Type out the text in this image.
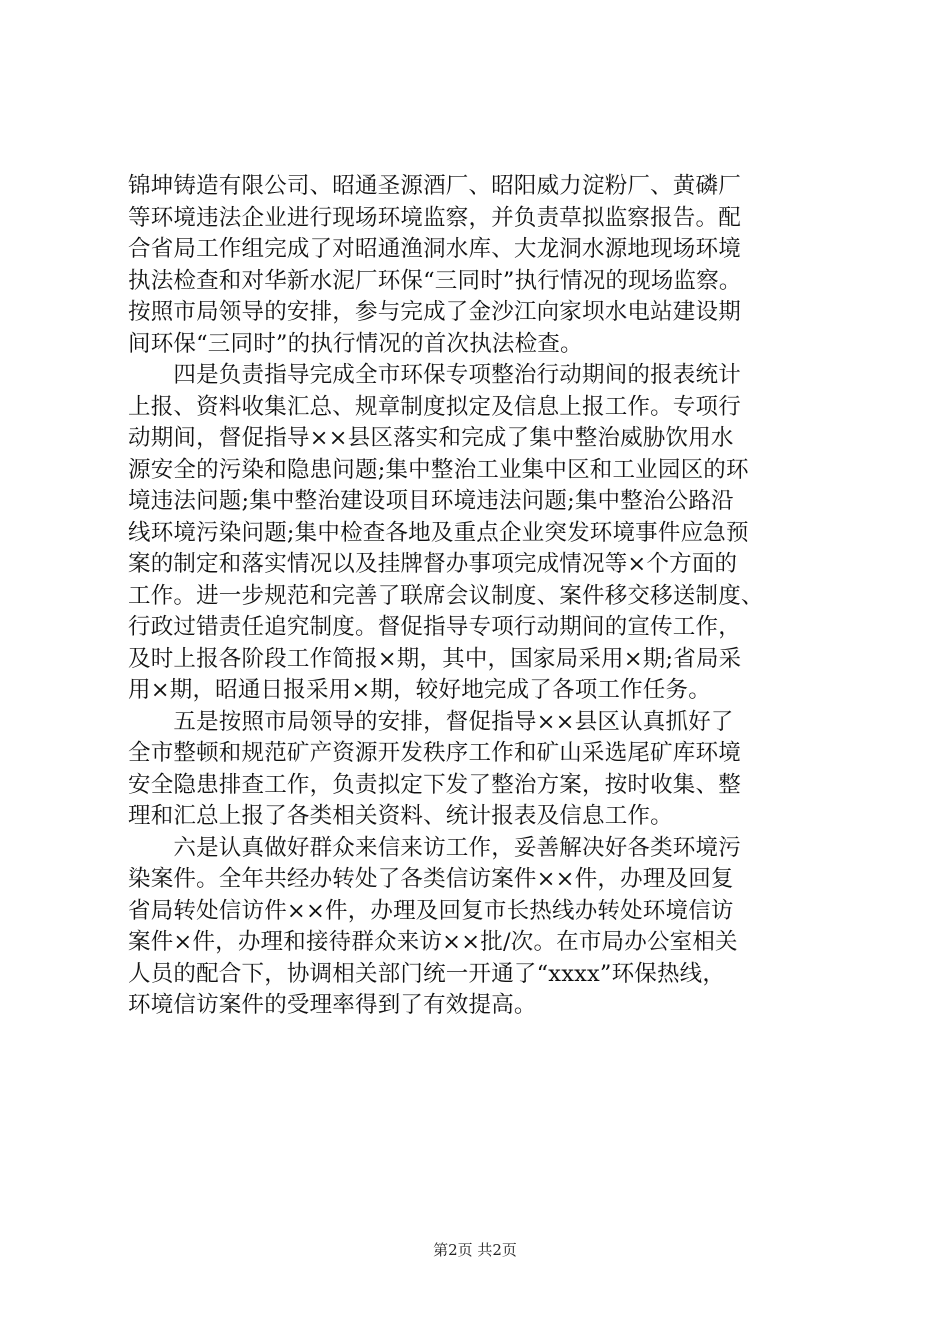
锦坤铸造有限公司、昭通圣源酒厂、昭阳威力淀粉厂、黄磷厂
等环境违法企业进行现场环境监察，并负责草拟监察报告。配
合省局工作组完成了对昭通渔洞水库、大龙洞水源地现场环境
执法检查和对华新水泥厂环保“三同时”执行情况的现场监察。
按照市局领导的安排，参与完成了金沙江向家坝水电站建设期
间环保“三同时”的执行情况的首次执法检查。
　　四是负责指导完成全市环保专项整治行动期间的报表统计
上报、资料收集汇总、规章制度拟定及信息上报工作。专项行
动期间，督促指导××县区落实和完成了集中整治威胁饮用水
源安全的污染和隐患问题;集中整治工业集中区和工业园区的环
境违法问题;集中整治建设项目环境违法问题;集中整治公路沿
线环境污染问题;集中检查各地及重点企业突发环境事件应急预
案的制定和落实情况以及挂牌督办事项完成情况等×个方面的
工作。进一步规范和完善了联席会议制度、案件移交移送制度、
行政过错责任追究制度。督促指导专项行动期间的宣传工作，
及时上报各阶段工作简报×期，其中，国家局采用×期;省局采
用×期，昭通日报采用×期，较好地完成了各项工作任务。
　　五是按照市局领导的安排，督促指导××县区认真抓好了
全市整顿和规范矿产资源开发秩序工作和矿山采选尾矿库环境
安全隐患排查工作，负责拟定下发了整治方案，按时收集、整
理和汇总上报了各类相关资料、统计报表及信息工作。
　　六是认真做好群众来信来访工作，妥善解决好各类环境污
染案件。全年共经办转处了各类信访案件××件，办理及回复
省局转处信访件××件，办理及回复市长热线办转处环境信访
案件×件，办理和接待群众来访××批/次。在市局办公室相关
人员的配合下，协调相关部门统一开通了“xxxx”环保热线，
环境信访案件的受理率得到了有效提高。
第2页 共2页
